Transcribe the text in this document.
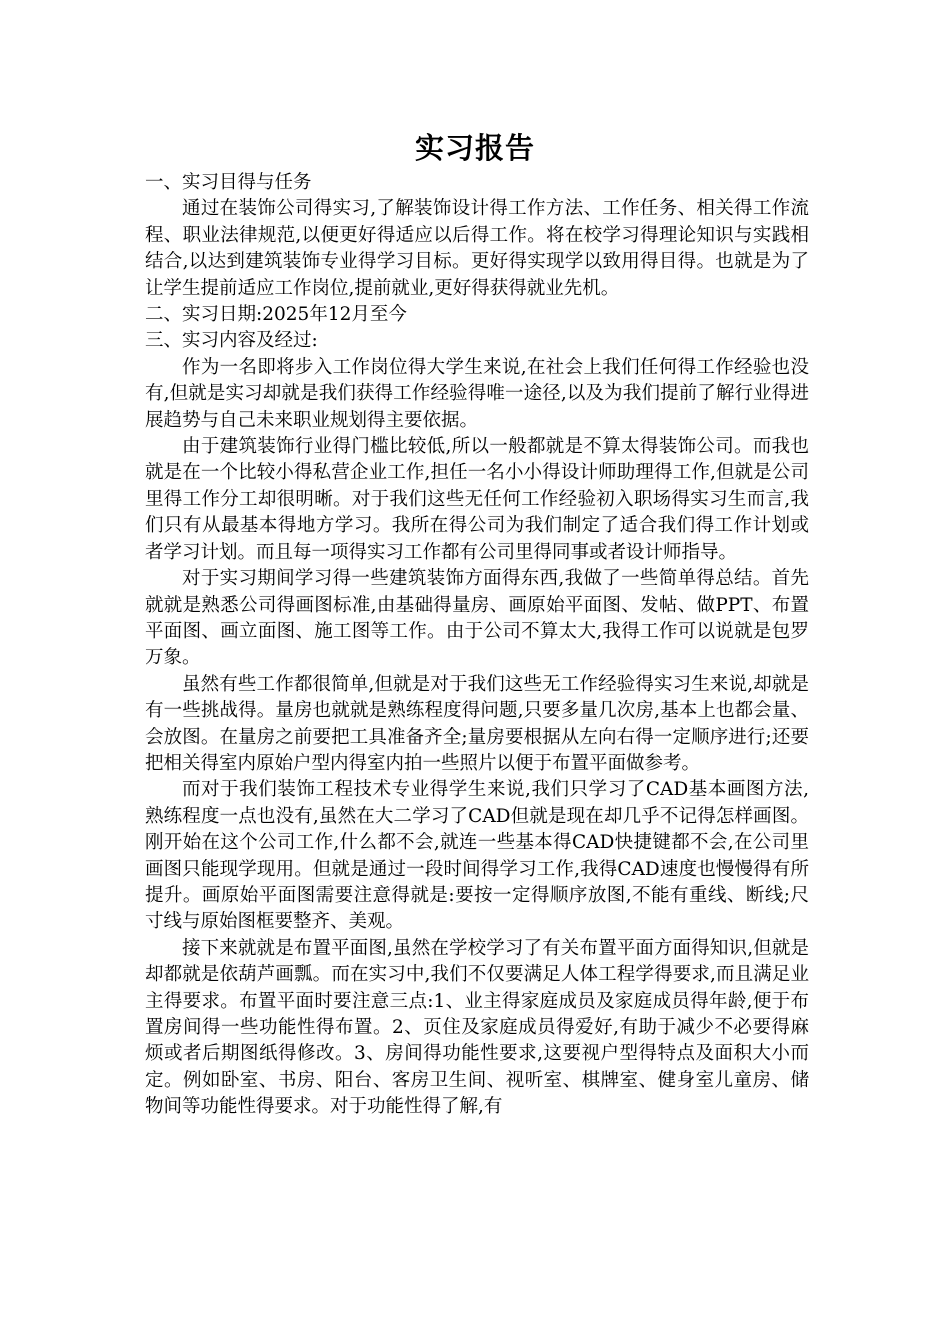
实习报告

一、实习目得与任务

通过在装饰公司得实习,了解装饰设计得工作方法、工作任务、相关得工作流程、职业法律规范,以便更好得适应以后得工作。将在校学习得理论知识与实践相结合,以达到建筑装饰专业得学习目标。更好得实现学以致用得目得。也就是为了让学生提前适应工作岗位,提前就业,更好得获得就业先机。

二、实习日期:2025年12月至今

三、实习内容及经过:

作为一名即将步入工作岗位得大学生来说,在社会上我们任何得工作经验也没有,但就是实习却就是我们获得工作经验得唯一途径,以及为我们提前了解行业得进展趋势与自己未来职业规划得主要依据。

由于建筑装饰行业得门槛比较低,所以一般都就是不算太得装饰公司。而我也就是在一个比较小得私营企业工作,担任一名小小得设计师助理得工作,但就是公司里得工作分工却很明晰。对于我们这些无任何工作经验初入职场得实习生而言,我们只有从最基本得地方学习。我所在得公司为我们制定了适合我们得工作计划或者学习计划。而且每一项得实习工作都有公司里得同事或者设计师指导。

对于实习期间学习得一些建筑装饰方面得东西,我做了一些简单得总结。首先就就是熟悉公司得画图标准,由基础得量房、画原始平面图、发帖、做PPT、布置平面图、画立面图、施工图等工作。由于公司不算太大,我得工作可以说就是包罗万象。

虽然有些工作都很简单,但就是对于我们这些无工作经验得实习生来说,却就是有一些挑战得。量房也就就是熟练程度得问题,只要多量几次房,基本上也都会量、会放图。在量房之前要把工具准备齐全;量房要根据从左向右得一定顺序进行;还要把相关得室内原始户型内得室内拍一些照片以便于布置平面做参考。

而对于我们装饰工程技术专业得学生来说,我们只学习了CAD基本画图方法,熟练程度一点也没有,虽然在大二学习了CAD但就是现在却几乎不记得怎样画图。刚开始在这个公司工作,什么都不会,就连一些基本得CAD快捷键都不会,在公司里画图只能现学现用。但就是通过一段时间得学习工作,我得CAD速度也慢慢得有所提升。画原始平面图需要注意得就是:要按一定得顺序放图,不能有重线、断线;尺寸线与原始图框要整齐、美观。

接下来就就是布置平面图,虽然在学校学习了有关布置平面方面得知识,但就是却都就是依葫芦画瓢。而在实习中,我们不仅要满足人体工程学得要求,而且满足业主得要求。布置平面时要注意三点:1、业主得家庭成员及家庭成员得年龄,便于布置房间得一些功能性得布置。2、页住及家庭成员得爱好,有助于减少不必要得麻烦或者后期图纸得修改。3、房间得功能性要求,这要视户型得特点及面积大小而定。例如卧室、书房、阳台、客房卫生间、视听室、棋牌室、健身室儿童房、储物间等功能性得要求。对于功能性得了解,有
